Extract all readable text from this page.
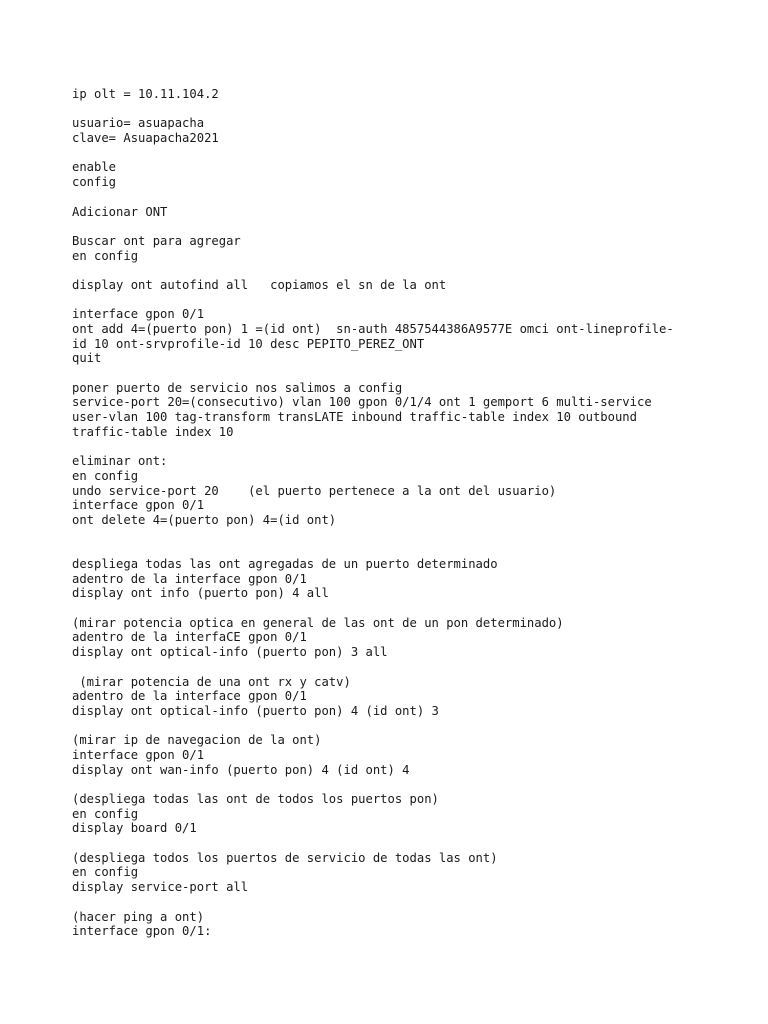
ip olt = 10.11.104.2
usuario= asuapacha
clave= Asuapacha2021
enable
config
Adicionar ONT
Buscar ont para agregar
en config
display ont autofind all   copiamos el sn de la ont
interface gpon 0/1
ont add 4=(puerto pon) 1 =(id ont)  sn-auth 4857544386A9577E omci ont-lineprofile-
id 10 ont-srvprofile-id 10 desc PEPITO_PEREZ_ONT
quit
poner puerto de servicio nos salimos a config
service-port 20=(consecutivo) vlan 100 gpon 0/1/4 ont 1 gemport 6 multi-service
user-vlan 100 tag-transform transLATE inbound traffic-table index 10 outbound
traffic-table index 10
eliminar ont:
en config
undo service-port 20    (el puerto pertenece a la ont del usuario)
interface gpon 0/1
ont delete 4=(puerto pon) 4=(id ont)
despliega todas las ont agregadas de un puerto determinado
adentro de la interface gpon 0/1
display ont info (puerto pon) 4 all
(mirar potencia optica en general de las ont de un pon determinado)
adentro de la interfaCE gpon 0/1
display ont optical-info (puerto pon) 3 all
(mirar potencia de una ont rx y catv)
adentro de la interface gpon 0/1
display ont optical-info (puerto pon) 4 (id ont) 3
(mirar ip de navegacion de la ont)
interface gpon 0/1
display ont wan-info (puerto pon) 4 (id ont) 4
(despliega todas las ont de todos los puertos pon)
en config
display board 0/1
(despliega todos los puertos de servicio de todas las ont)
en config
display service-port all
(hacer ping a ont)
interface gpon 0/1:
